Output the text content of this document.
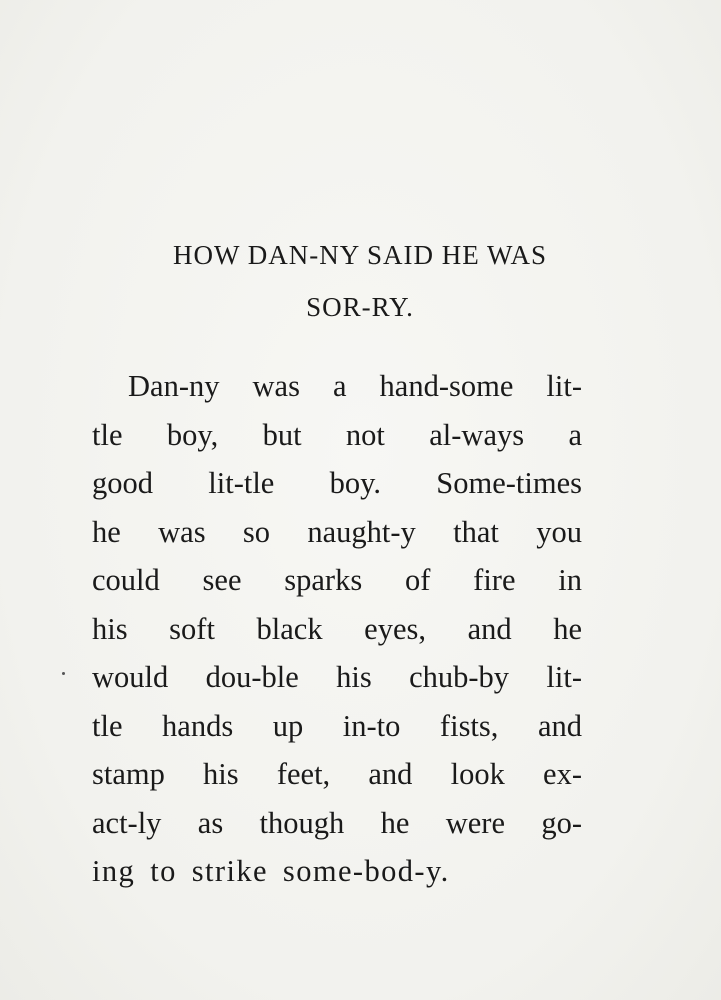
HOW DAN-NY SAID HE WAS
SOR-RY.
Dan-ny was a hand-some lit-
tle boy, but not al-ways a
good lit-tle boy. Some-times
he was so naught-y that you
could see sparks of fire in
his soft black eyes, and he
would dou-ble his chub-by lit-
tle hands up in-to fists, and
stamp his feet, and look ex-
act-ly as though he were go-
ing to strike some-bod-y.
